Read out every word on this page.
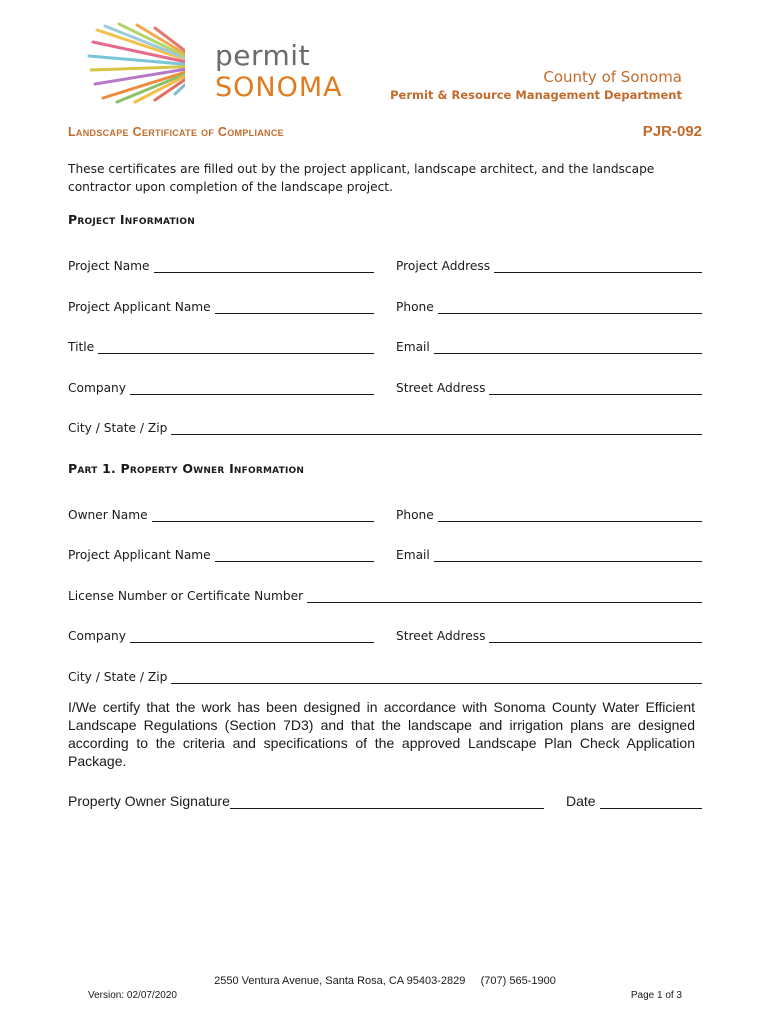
permit
SONOMA	County of Sonoma
Permit & Resource Management Department
Landscape Certificate of Compliance	PJR-092
These certificates are filled out by the project applicant, landscape architect, and the landscape contractor upon completion of the landscape project.
Project Information
Project Name	Project Address
Project Applicant Name	Phone
Title	Email
Company	Street Address
City / State / Zip
Part 1. Property Owner Information
Owner Name	Phone
Project Applicant Name	Email
License Number or Certificate Number
Company	Street Address
City / State / Zip
I/We certify that the work has been designed in accordance with Sonoma County Water Efficient Landscape Regulations (Section 7D3) and that the landscape and irrigation plans are designed according to the criteria and specifications of the approved Landscape Plan Check Application Package.
Property Owner Signature	Date
2550 Ventura Avenue, Santa Rosa, CA 95403-2829     (707) 565-1900
Version: 02/07/2020	Page 1 of 3
